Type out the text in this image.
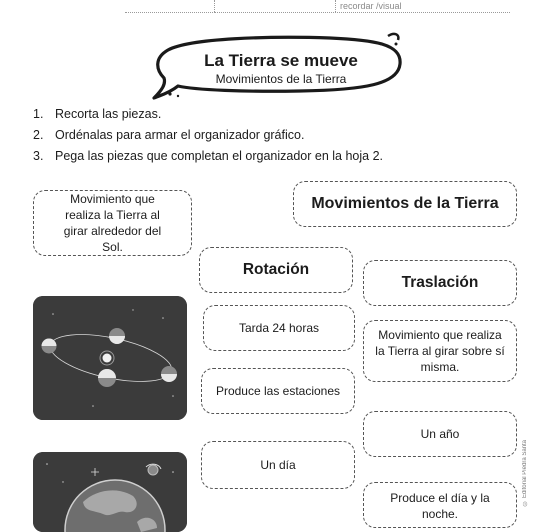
recordar /visual
La Tierra se mueve
Movimientos de la Tierra
1. Recorta las piezas.
2. Ordénalas para armar el organizador gráfico.
3. Pega las piezas que completan el organizador en la hoja 2.
Movimiento que realiza la Tierra al girar alrededor del Sol.
Movimientos de la Tierra
Rotación
Traslación
Tarda 24 horas	Movimiento que realiza la Tierra al girar sobre sí misma.
Produce las estaciones
Un año
Un día
Produce el día y la noche.
© Editorial Piedra Santa
